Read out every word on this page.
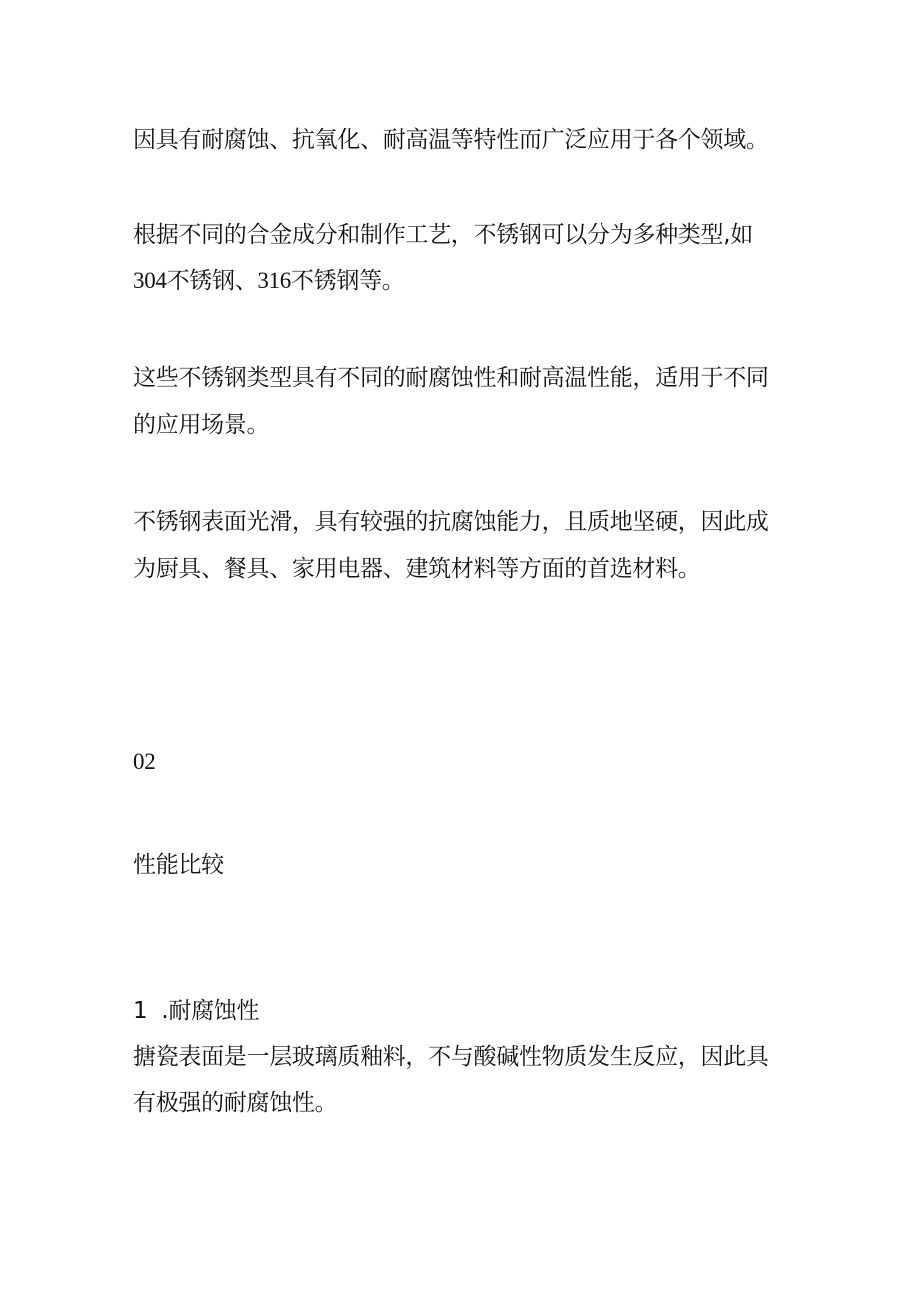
因具有耐腐蚀、抗氧化、耐高温等特性而广泛应用于各个领域。
根据不同的合金成分和制作工艺，不锈钢可以分为多种类型,如
304不锈钢、316不锈钢等。
这些不锈钢类型具有不同的耐腐蚀性和耐高温性能，适用于不同
的应用场景。
不锈钢表面光滑，具有较强的抗腐蚀能力，且质地坚硬，因此成
为厨具、餐具、家用电器、建筑材料等方面的首选材料。
02
性能比较
1  .耐腐蚀性
搪瓷表面是一层玻璃质釉料，不与酸碱性物质发生反应，因此具
有极强的耐腐蚀性。
